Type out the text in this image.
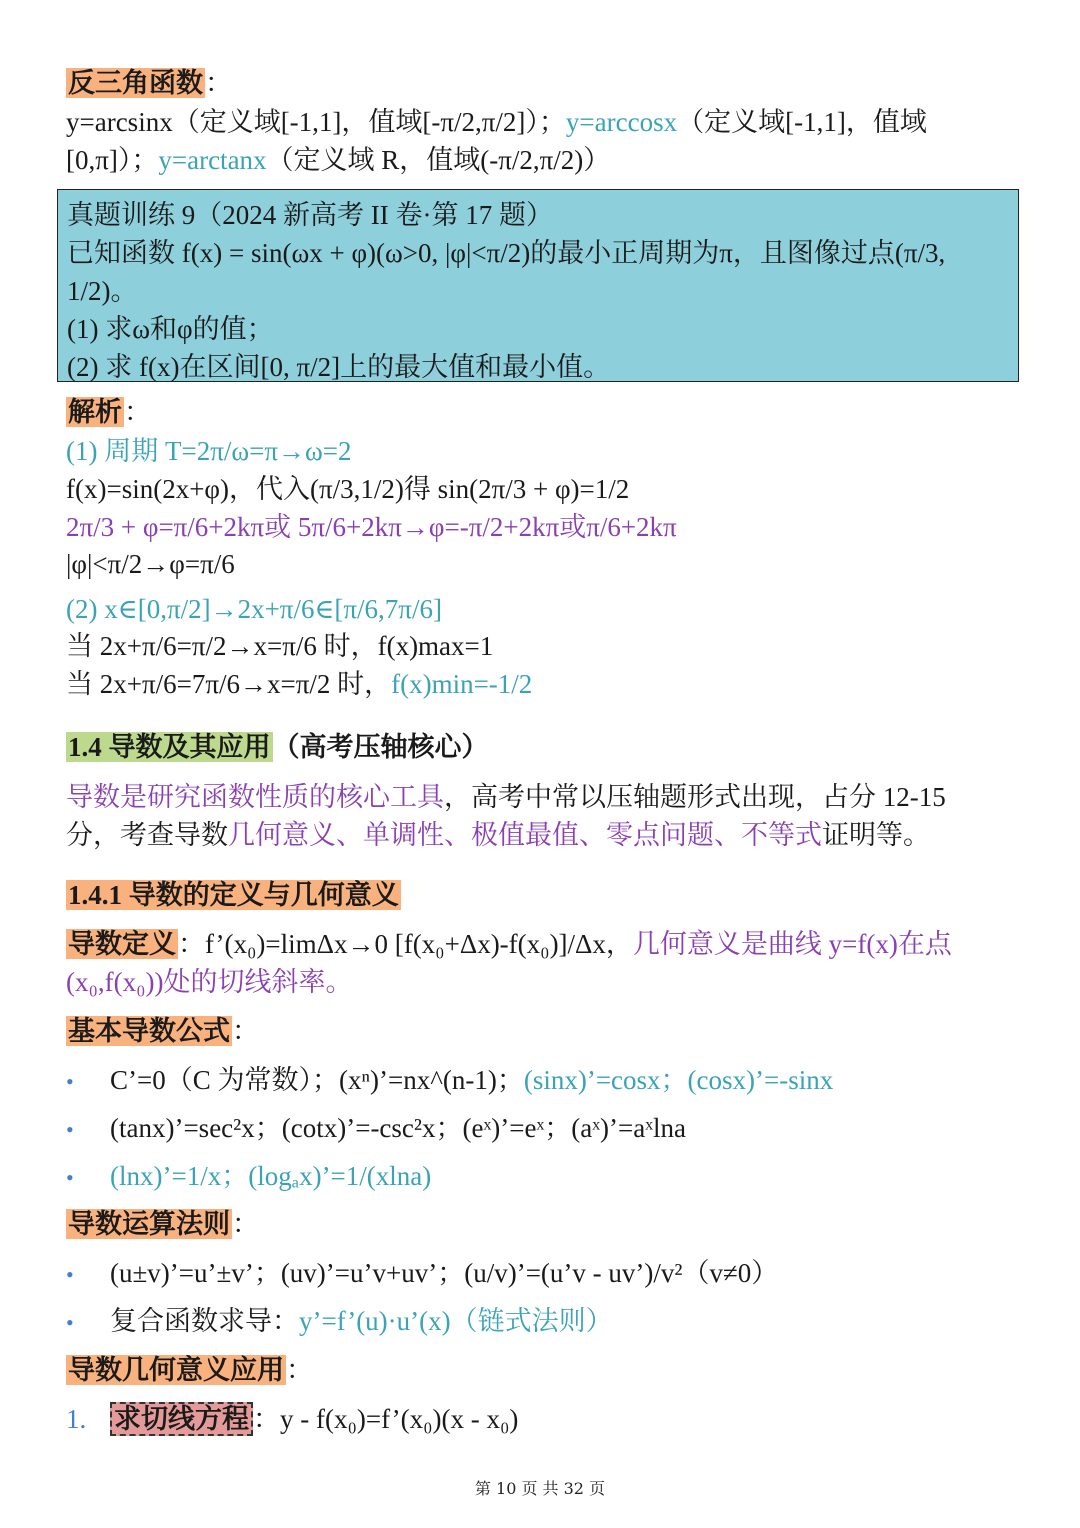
反三角函数：
y=arcsinx（定义域[-1,1]，值域[-π/2,π/2]）；y=arccosx（定义域[-1,1]，值域
[0,π]）；y=arctanx（定义域 R，值域(-π/2,π/2)）
真题训练 9（2024 新高考 II 卷·第 17 题）
已知函数 f(x) = sin(ωx + φ)(ω>0, |φ|<π/2)的最小正周期为π，且图像过点(π/3,
1/2)。
(1) 求ω和φ的值；
(2) 求 f(x)在区间[0, π/2]上的最大值和最小值。
解析：
(1) 周期 T=2π/ω=π→ω=2
f(x)=sin(2x+φ)，代入(π/3,1/2)得 sin(2π/3 + φ)=1/2
2π/3 + φ=π/6+2kπ或 5π/6+2kπ→φ=-π/2+2kπ或π/6+2kπ
|φ|<π/2→φ=π/6
(2) x∈[0,π/2]→2x+π/6∈[π/6,7π/6]
当 2x+π/6=π/2→x=π/6 时，f(x)max=1
当 2x+π/6=7π/6→x=π/2 时，f(x)min=-1/2
1.4 导数及其应用（高考压轴核心）
导数是研究函数性质的核心工具，高考中常以压轴题形式出现，占分 12-15
分，考查导数几何意义、单调性、极值最值、零点问题、不等式证明等。
1.4.1 导数的定义与几何意义
导数定义：f’(x₀)=limΔx→0 [f(x₀+Δx)-f(x₀)]/Δx，几何意义是曲线 y=f(x)在点
(x₀,f(x₀))处的切线斜率。
基本导数公式：
• C’=0（C 为常数）；(xⁿ)’=nx^(n-1)；(sinx)’=cosx；(cosx)’=-sinx
• (tanx)’=sec²x；(cotx)’=-csc²x；(eˣ)’=eˣ；(aˣ)’=aˣlna
• (lnx)’=1/x；(logₐx)’=1/(xlna)
导数运算法则：
• (u±v)’=u’±v’；(uv)’=u’v+uv’；(u/v)’=(u’v - uv’)/v²（v≠0）
• 复合函数求导：y’=f’(u)·u’(x)（链式法则）
导数几何意义应用：
1. 求切线方程 ：y - f(x₀)=f’(x₀)(x - x₀)
第 10 页 共 32 页
